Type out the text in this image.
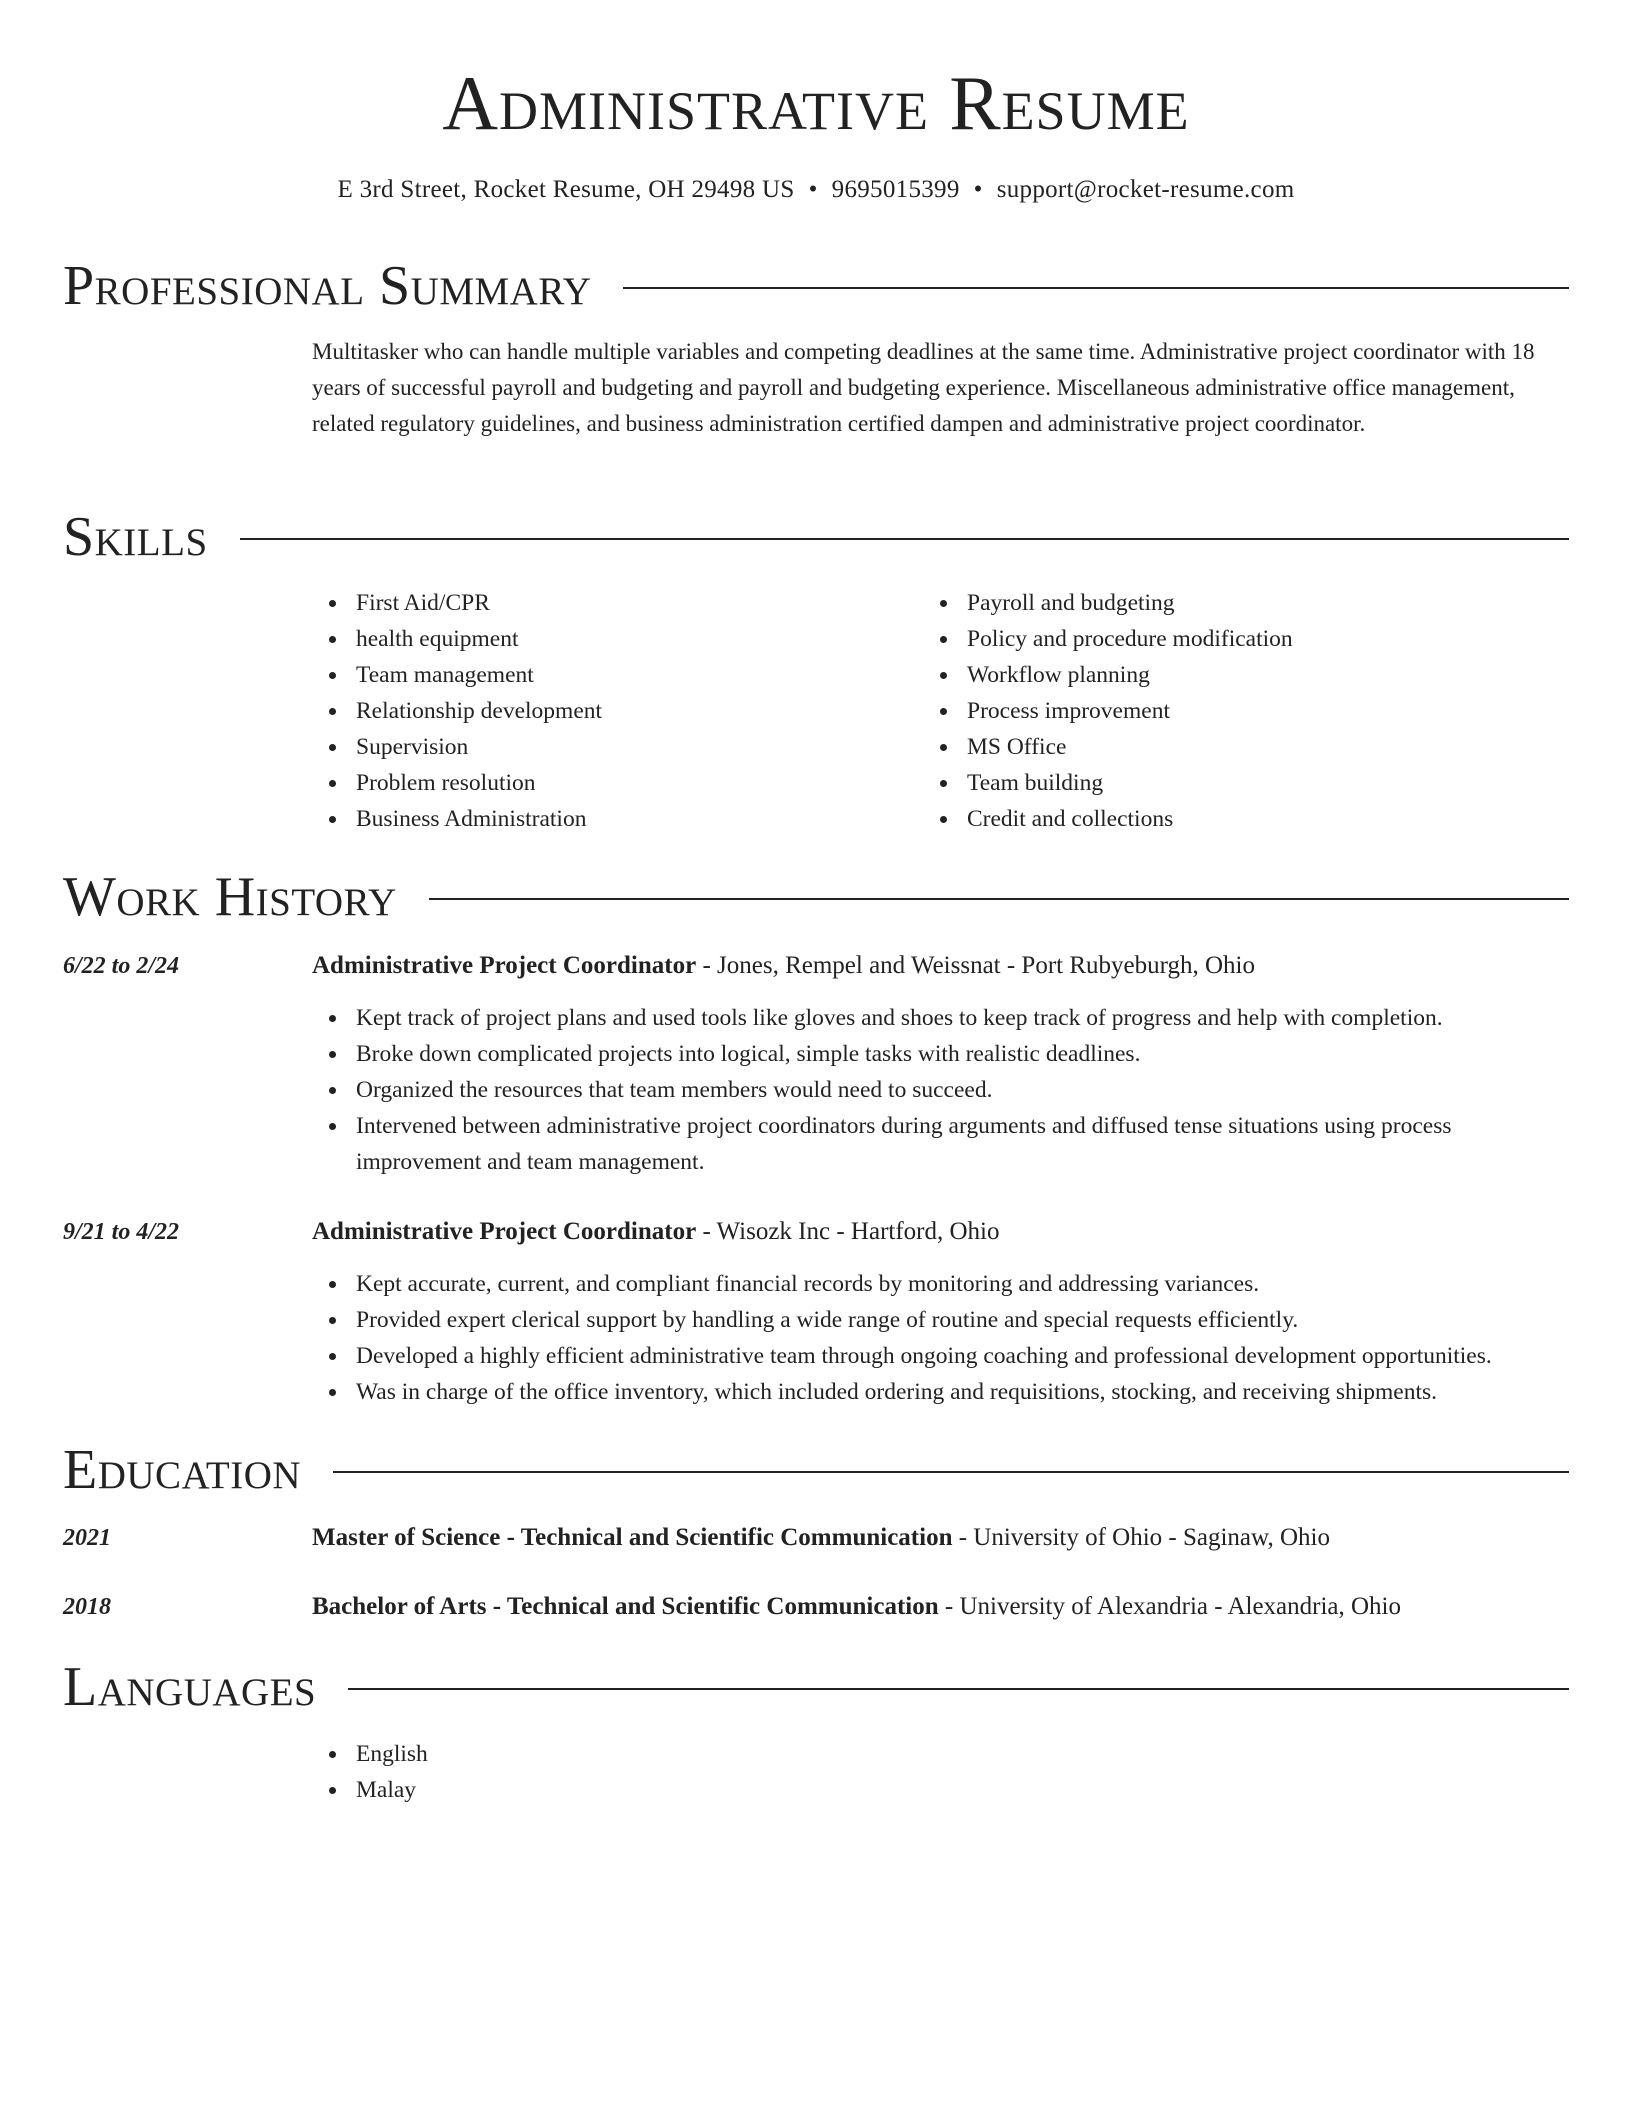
Administrative Resume
E 3rd Street, Rocket Resume, OH 29498 US • 9695015399 • support@rocket-resume.com
Professional Summary

Multitasker who can handle multiple variables and competing deadlines at the same time. Administrative project coordinator with 18 years of successful payroll and budgeting and payroll and budgeting experience. Miscellaneous administrative office management, related regulatory guidelines, and business administration certified dampen and administrative project coordinator.

Skills
First Aid/CPR
health equipment
Team management
Relationship development
Supervision
Problem resolution
Business Administration
Payroll and budgeting
Policy and procedure modification
Workflow planning
Process improvement
MS Office
Team building
Credit and collections
Work History
6/22 to 2/24	Administrative Project Coordinator - Jones, Rempel and Weissnat - Port Rubyeburgh, Ohio
Kept track of project plans and used tools like gloves and shoes to keep track of progress and help with completion.
Broke down complicated projects into logical, simple tasks with realistic deadlines.
Organized the resources that team members would need to succeed.
Intervened between administrative project coordinators during arguments and diffused tense situations using process improvement and team management.
9/21 to 4/22	Administrative Project Coordinator - Wisozk Inc - Hartford, Ohio
Kept accurate, current, and compliant financial records by monitoring and addressing variances.
Provided expert clerical support by handling a wide range of routine and special requests efficiently.
Developed a highly efficient administrative team through ongoing coaching and professional development opportunities.
Was in charge of the office inventory, which included ordering and requisitions, stocking, and receiving shipments.
Education
2021	Master of Science - Technical and Scientific Communication - University of Ohio - Saginaw, Ohio
2018	Bachelor of Arts - Technical and Scientific Communication - University of Alexandria - Alexandria, Ohio
Languages
English
Malay
